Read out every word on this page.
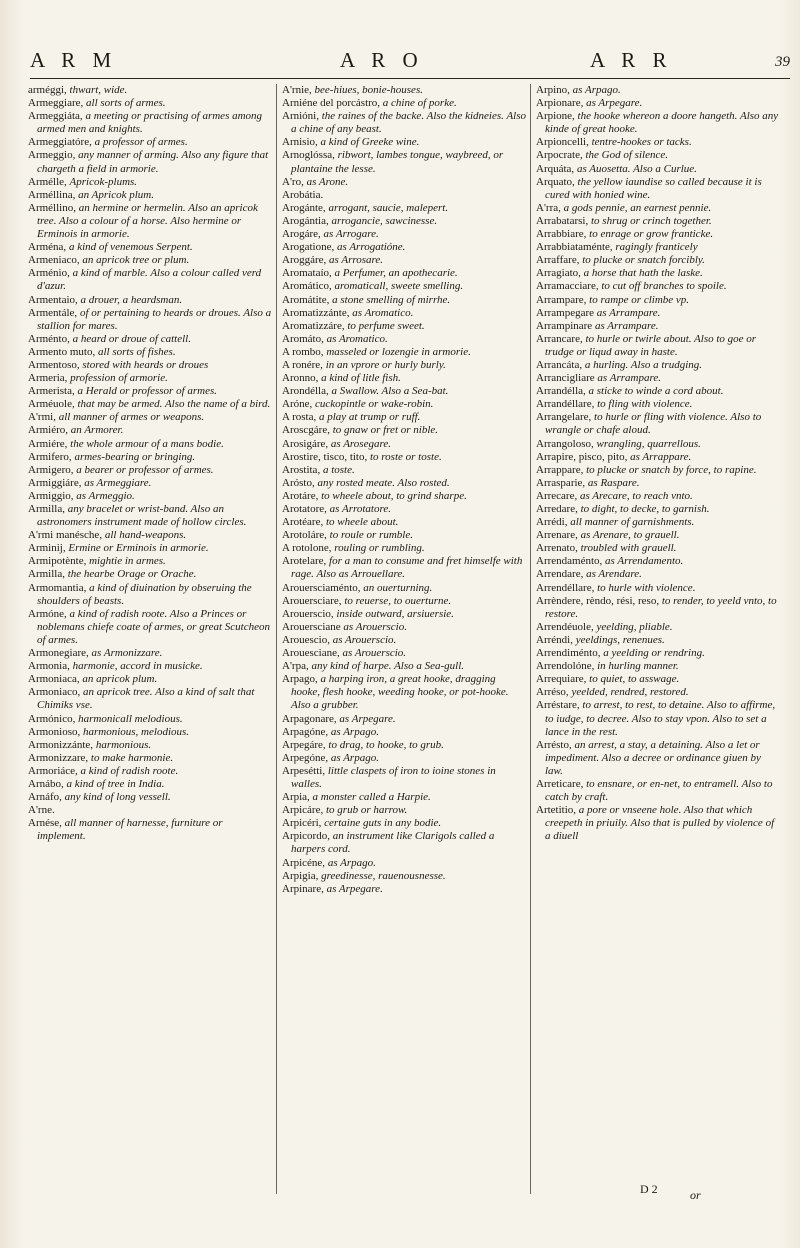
A R M	A R O	A R R	39

arméggi, thwart, wide.

Armeggiare, all sorts of armes.

Armeggiáta, a meeting or practising of armes among armed men and knights.

Armeggiatóre, a professor of armes.

Armeggio, any manner of arming. Also any figure that chargeth a field in armorie.

Armélle, Apricok-plums.

Arméllina, an Apricok plum.

Arméllino, an hermine or hermelin. Also an apricok tree. Also a colour of a horse. Also hermine or Erminois in armorie.

Arména, a kind of venemous Serpent.

Armeniaco, an apricok tree or plum.

Arménio, a kind of marble. Also a colour called verd d'azur.

Armentaio, a drouer, a heardsman.

Armentále, of or pertaining to heards or droues. Also a stallion for mares.

Arménto, a heard or droue of cattell.

Armento muto, all sorts of fishes.

Armentoso, stored with heards or droues

Armeria, profession of armorie.

Armerista, a Herald or professor of armes.

Arméuole, that may be armed. Also the name of a bird.

A'rmi, all manner of armes or weapons.

Armiéro, an Armorer.

Armiére, the whole armour of a mans bodie.

Armifero, armes-bearing or bringing.

Armigero, a bearer or professor of armes.

Armiggiáre, as Armeggiare.

Armiggio, as Armeggio.

Armilla, any bracelet or wrist-band. Also an astronomers instrument made of hollow circles.

A'rmi manésche, all hand-weapons.

Arminij, Ermine or Erminois in armorie.

Armipotènte, mightie in armes.

Armilla, the hearbe Orage or Orache.

Armomantia, a kind of diuination by obseruing the shoulders of beasts.

Armóne, a kind of radish roote. Also a Princes or noblemans chiefe coate of armes, or great Scutcheon of armes.

Armonegiare, as Armonizzare.

Armonia, harmonie, accord in musicke.

Armoniaca, an apricok plum.

Armoniaco, an apricok tree. Also a kind of salt that Chimiks vse.

Armónico, harmonicall melodious.

Armonioso, harmonious, melodious.

Armonizzánte, harmonious.

Armonizzare, to make harmonie.

Armoriáce, a kind of radish roote.

Arnábo, a kind of tree in India.

Arnáfo, any kind of long vessell.

A'rne.

Arnése, all manner of harnesse, furniture or implement.

A'rnie, bee-hiues, bonie-houses.

Arniéne del porcástro, a chine of porke.

Arnióni, the raines of the backe. Also the kidneies. Also a chine of any beast.

Arnisio, a kind of Greeke wine.

Arnoglóssa, ribwort, lambes tongue, waybreed, or plantaine the lesse.

A'ro, as Arone.

Arobátia.

Arogánte, arrogant, saucie, malepert.

Arogántia, arrogancie, sawcinesse.

Arogáre, as Arrogare.

Arogatione, as Arrogatióne.

Aroggáre, as Arrosare.

Aromataío, a Perfumer, an apothecarie.

Aromático, aromaticall, sweete smelling.

Aromátite, a stone smelling of mirrhe.

Aromatizzánte, as Aromatico.

Aromatizzáre, to perfume sweet.

Aromáto, as Aromatico.

A rombo, masseled or lozengie in armorie.

A ronére, in an vprore or hurly burly.

Aronno, a kind of litle fish.

Arondélla, a Swallow. Also a Sea-bat.

Aróne, cuckopintle or wake-robin.

A rosta, a play at trump or ruff.

Aroscgáre, to gnaw or fret or nible.

Arosigáre, as Arosegare.

Arostire, tisco, tito, to roste or toste.

Arostita, a toste.

Arósto, any rosted meate. Also rosted.

Arotáre, to wheele about, to grind sharpe.

Arotatore, as Arrotatore.

Arotéare, to wheele about.

Arotoláre, to roule or rumble.

A rotolone, rouling or rumbling.

Arotelare, for a man to consume and fret himselfe with rage. Also as Arrouellare.

Arouersciaménto, an ouerturning.

Arouersciare, to reuerse, to ouerturne.

Arouerscio, inside outward, arsiuersie.

Arouersciane as Arouerscio.

Arouescio, as Arouerscio.

Arouesciane, as Arouerscio.

A'rpa, any kind of harpe. Also a Sea-gull.

Arpago, a harping iron, a great hooke, dragging hooke, flesh hooke, weeding hooke, or pot-hooke. Also a grubber.

Arpagonare, as Arpegare.

Arpagóne, as Arpago.

Arpegáre, to drag, to hooke, to grub.

Arpegóne, as Arpago.

Arpesétti, little claspets of iron to ioine stones in walles.

Arpia, a monster called a Harpie.

Arpicáre, to grub or harrow.

Arpicéri, certaine guts in any bodie.

Arpicordo, an instrument like Clarigols called a harpers cord.

Arpicéne, as Arpago.

Arpigia, greedinesse, rauenousnesse.

Arpinare, as Arpegare.

Arpino, as Arpago.

Arpionare, as Arpegare.

Arpione, the hooke whereon a doore hangeth. Also any kinde of great hooke.

Arpioncelli, tentre-hookes or tacks.

Arpocrate, the God of silence.

Arquáta, as Auosetta. Also a Curlue.

Arquato, the yellow iaundise so called because it is cured with honied wine.

A'rra, a gods pennie, an earnest pennie.

Arrabatarsi, to shrug or crinch together.

Arrabbiare, to enrage or grow franticke.

Arrabbiataménte, ragingly franticely

Arraffare, to plucke or snatch forcibly.

Arragiato, a horse that hath the laske.

Arramacciare, to cut off branches to spoile.

Arrampare, to rampe or climbe vp.

Arrampegare as Arrampare.

Arrampinare as Arrampare.

Arrancare, to hurle or twirle about. Also to goe or trudge or liqud away in haste.

Arrancáta, a hurling. Also a trudging.

Arrancigliare as Arrampare.

Arrandélla, a sticke to winde a cord about.

Arrandéllare, to fling with violence.

Arrangelare, to hurle or fling with violence. Also to wrangle or chafe aloud.

Arrangoloso, wrangling, quarrellous.

Arrapire, pisco, pito, as Arrappare.

Arrappare, to plucke or snatch by force, to rapine.

Arrasparie, as Raspare.

Arrecare, as Arecare, to reach vnto.

Arredare, to dight, to decke, to garnish.

Arrédi, all manner of garnishments.

Arrenare, as Arenare, to grauell.

Arrenato, troubled with grauell.

Arrendaménto, as Arrendamento.

Arrendare, as Arendare.

Arrendéllare, to hurle with violence.

Arrèndere, rèndo, rési, reso, to render, to yeeld vnto, to restore.

Arrendéuole, yeelding, pliable.

Arréndi, yeeldings, renenues.

Arrendiménto, a yeelding or rendring.

Arrendolóne, in hurling manner.

Arrequiare, to quiet, to asswage.

Arréso, yeelded, rendred, restored.

Arréstare, to arrest, to rest, to detaine. Also to affirme, to iudge, to decree. Also to stay vpon. Also to set a lance in the rest.

Arrésto, an arrest, a stay, a detaining. Also a let or impediment. Also a decree or ordinance giuen by law.

Arreticare, to ensnare, or en-net, to entramell. Also to catch by craft.

Artetitio, a pore or vnseene hole. Also that which creepeth in priuily. Also that is pulled by violence of a diuell

D 2	or
